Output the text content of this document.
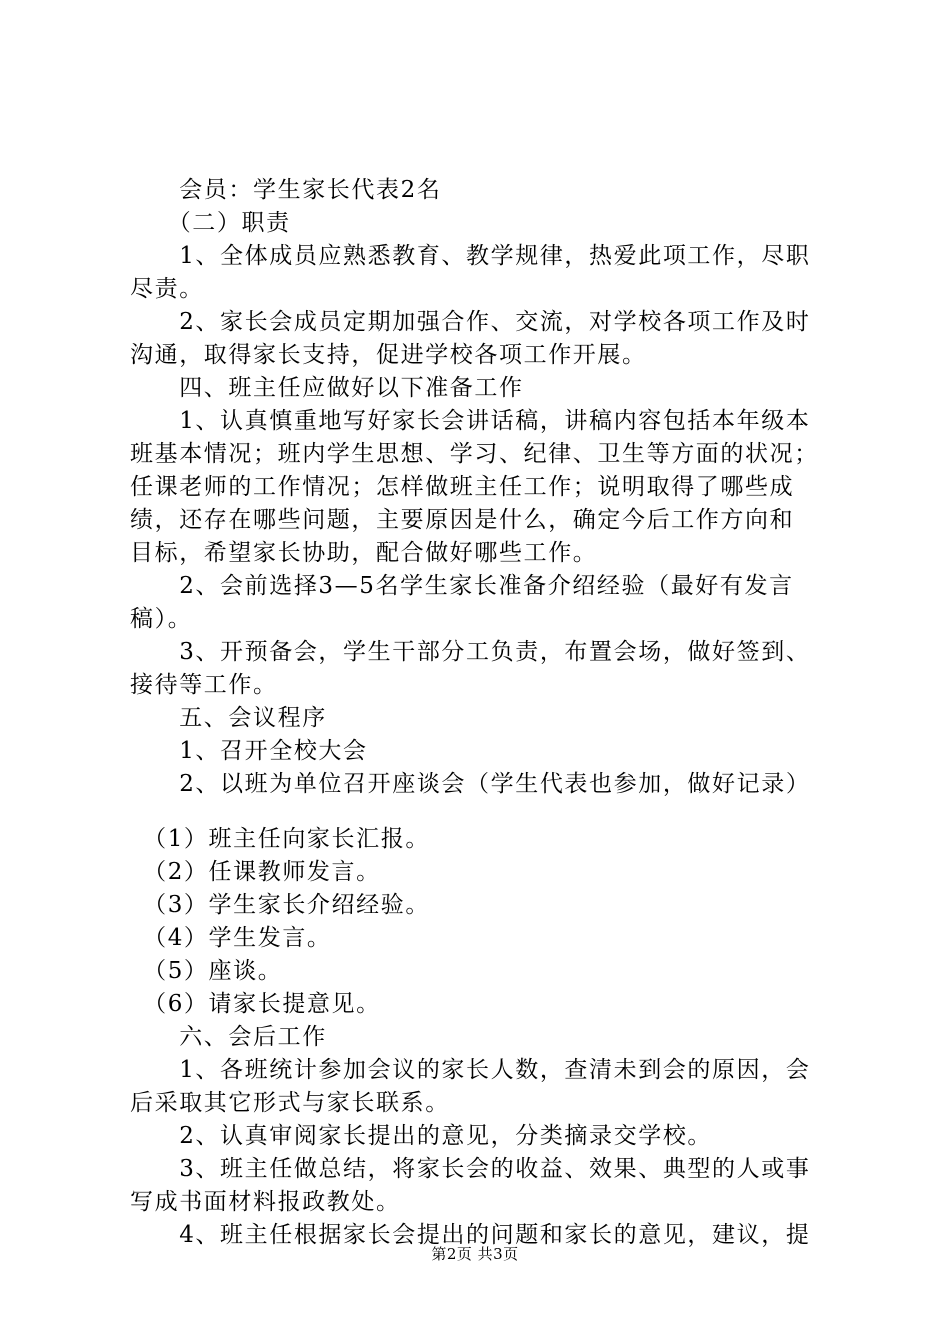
　　会员：学生家长代表2名
　　（二）职责
　　1、全体成员应熟悉教育、教学规律，热爱此项工作，尽职
尽责。
　　2、家长会成员定期加强合作、交流，对学校各项工作及时
沟通，取得家长支持，促进学校各项工作开展。
　　四、班主任应做好以下准备工作
　　1、认真慎重地写好家长会讲话稿，讲稿内容包括本年级本
班基本情况；班内学生思想、学习、纪律、卫生等方面的状况；
任课老师的工作情况；怎样做班主任工作；说明取得了哪些成
绩，还存在哪些问题，主要原因是什么，确定今后工作方向和
目标，希望家长协助，配合做好哪些工作。
　　2、会前选择3—5名学生家长准备介绍经验（最好有发言
稿）。
　　3、开预备会，学生干部分工负责，布置会场，做好签到、
接待等工作。
　　五、会议程序
　　1、召开全校大会
　　2、以班为单位召开座谈会（学生代表也参加，做好记录）
　（1）班主任向家长汇报。
　（2）任课教师发言。
　（3）学生家长介绍经验。
　（4）学生发言。
　（5）座谈。
　（6）请家长提意见。
　　六、会后工作
　　1、各班统计参加会议的家长人数，查清未到会的原因，会
后采取其它形式与家长联系。
　　2、认真审阅家长提出的意见，分类摘录交学校。
　　3、班主任做总结，将家长会的收益、效果、典型的人或事
写成书面材料报政教处。
　　4、班主任根据家长会提出的问题和家长的意见，建议，提
第2页 共3页
